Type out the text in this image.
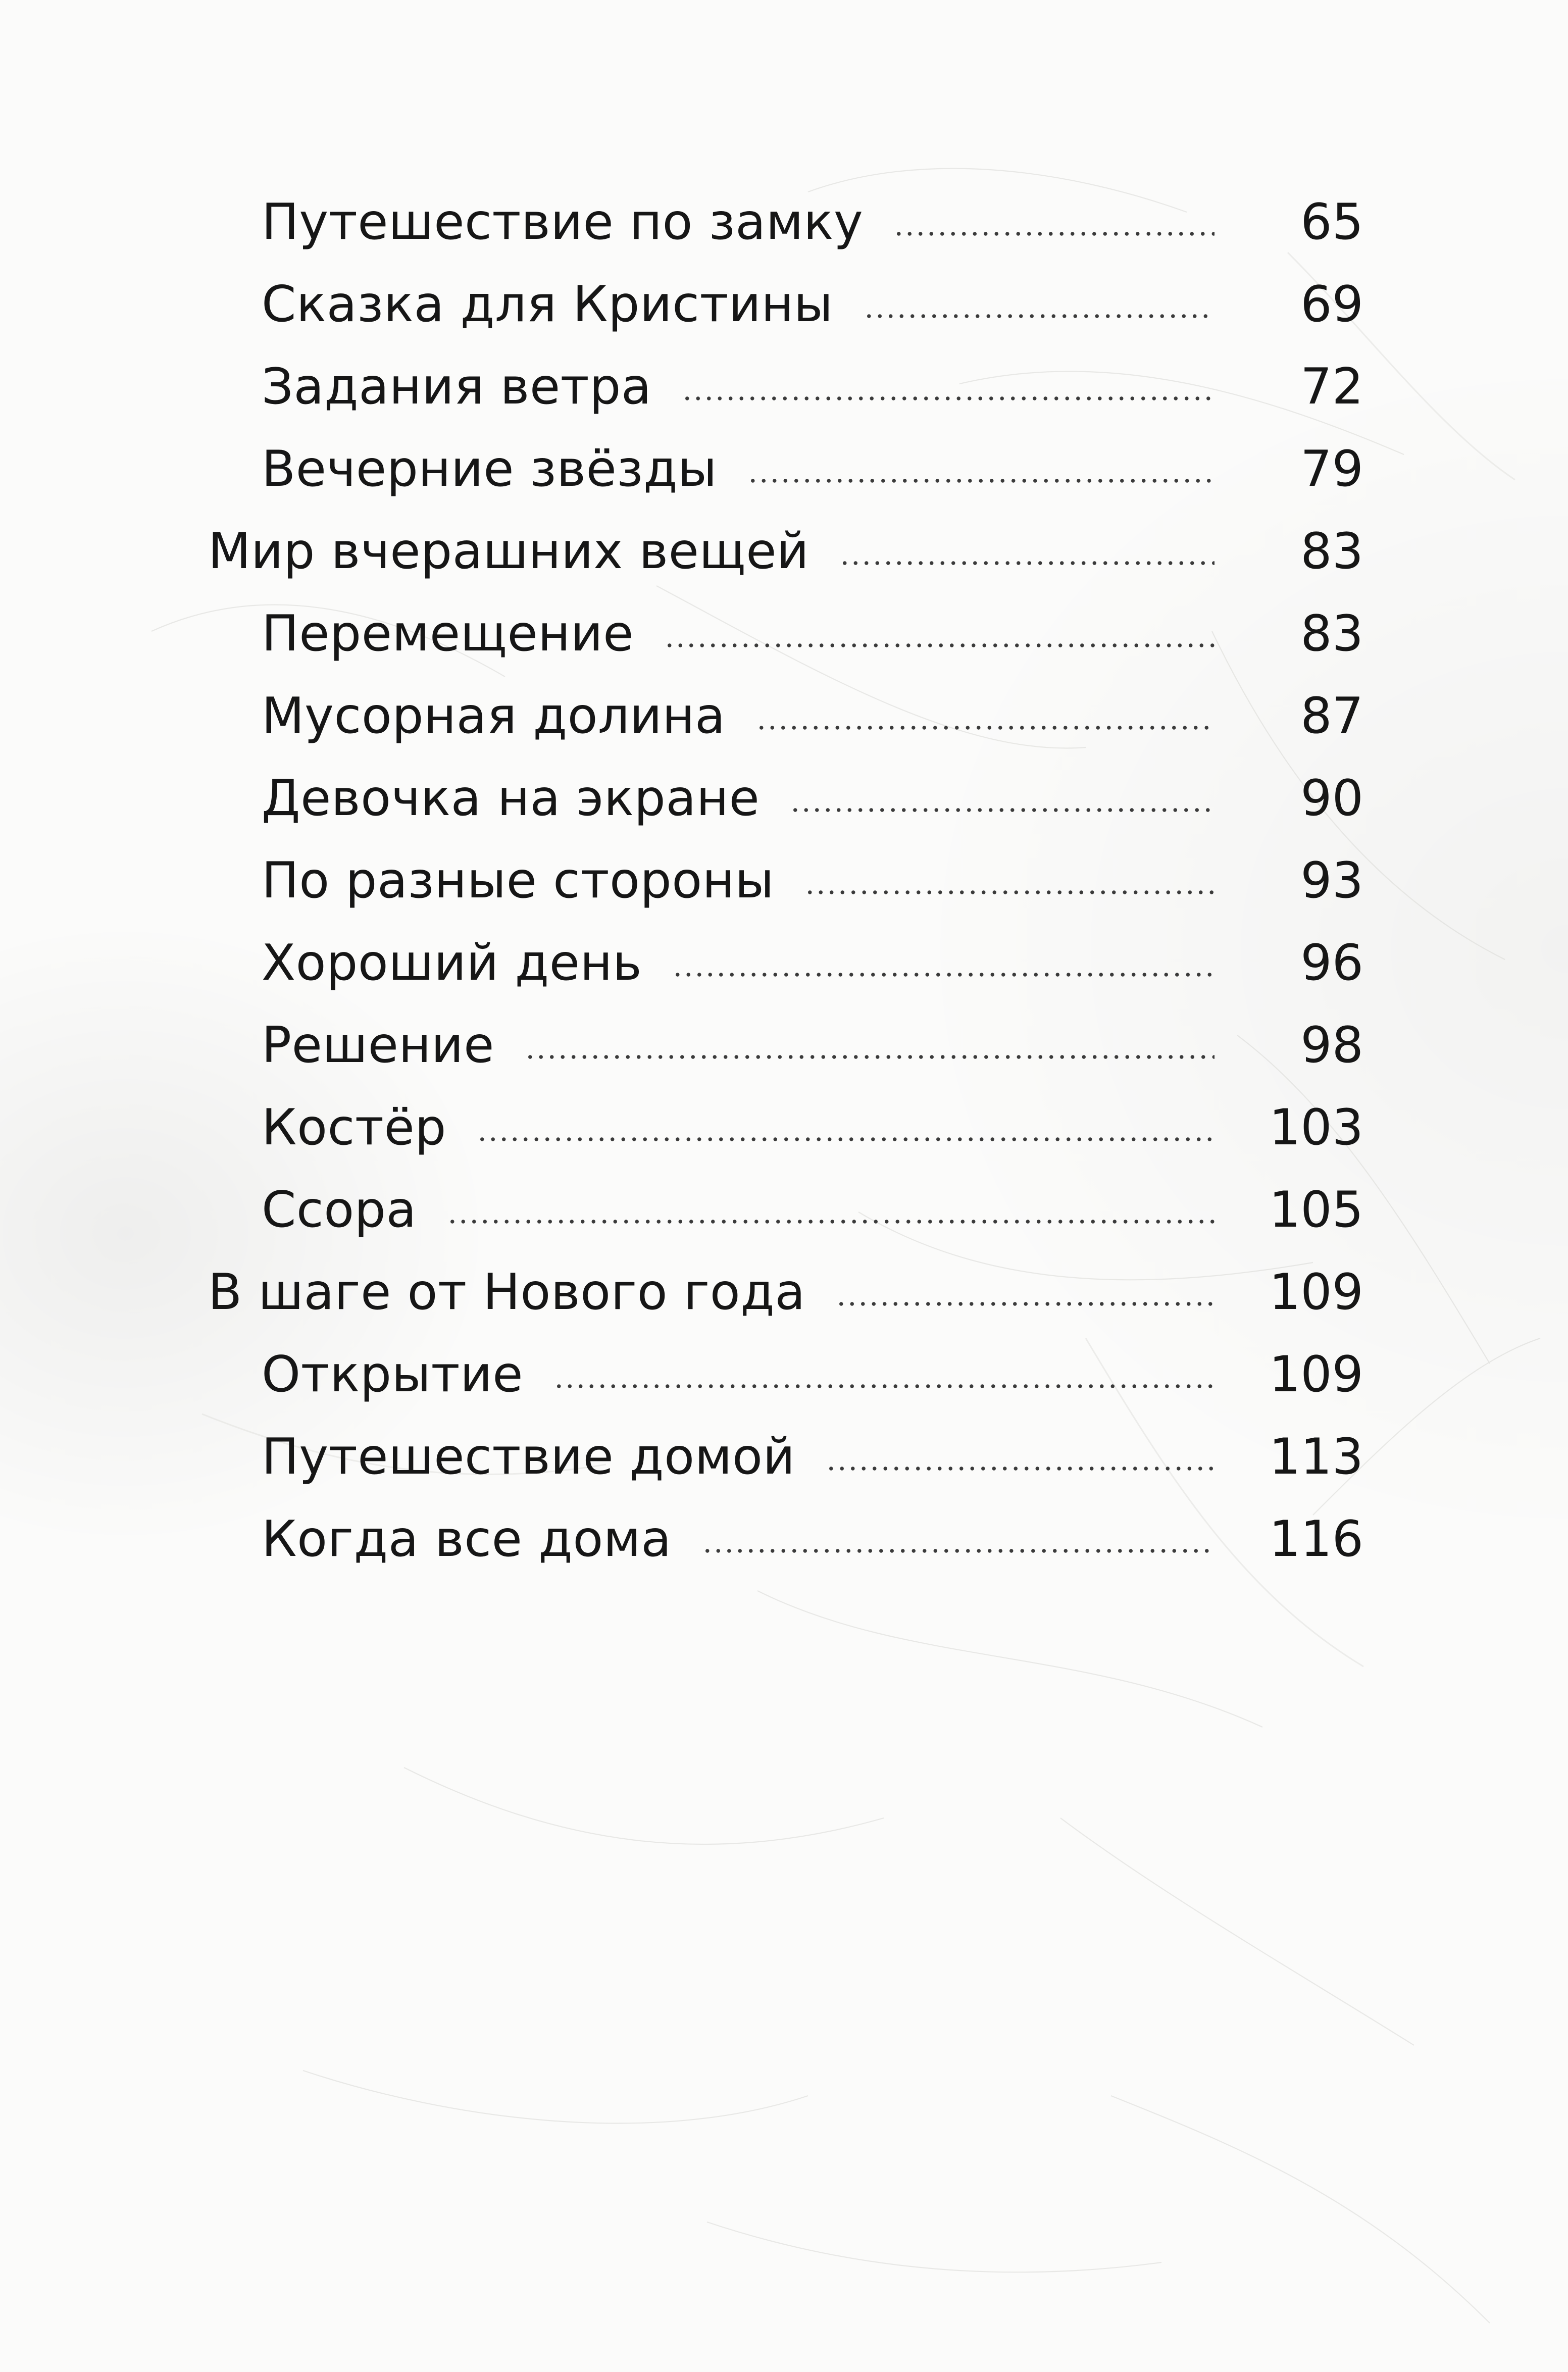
Путешествие по замку	65
Сказка для Кристины	69
Задания ветра	72
Вечерние звёзды	79
Мир вчерашних вещей	83
Перемещение	83
Мусорная долина	87
Девочка на экране	90
По разные стороны	93
Хороший день	96
Решение	98
Костёр	103
Ссора	105
В шаге от Нового года	109
Открытие	109
Путешествие домой	113
Когда все дома	116
